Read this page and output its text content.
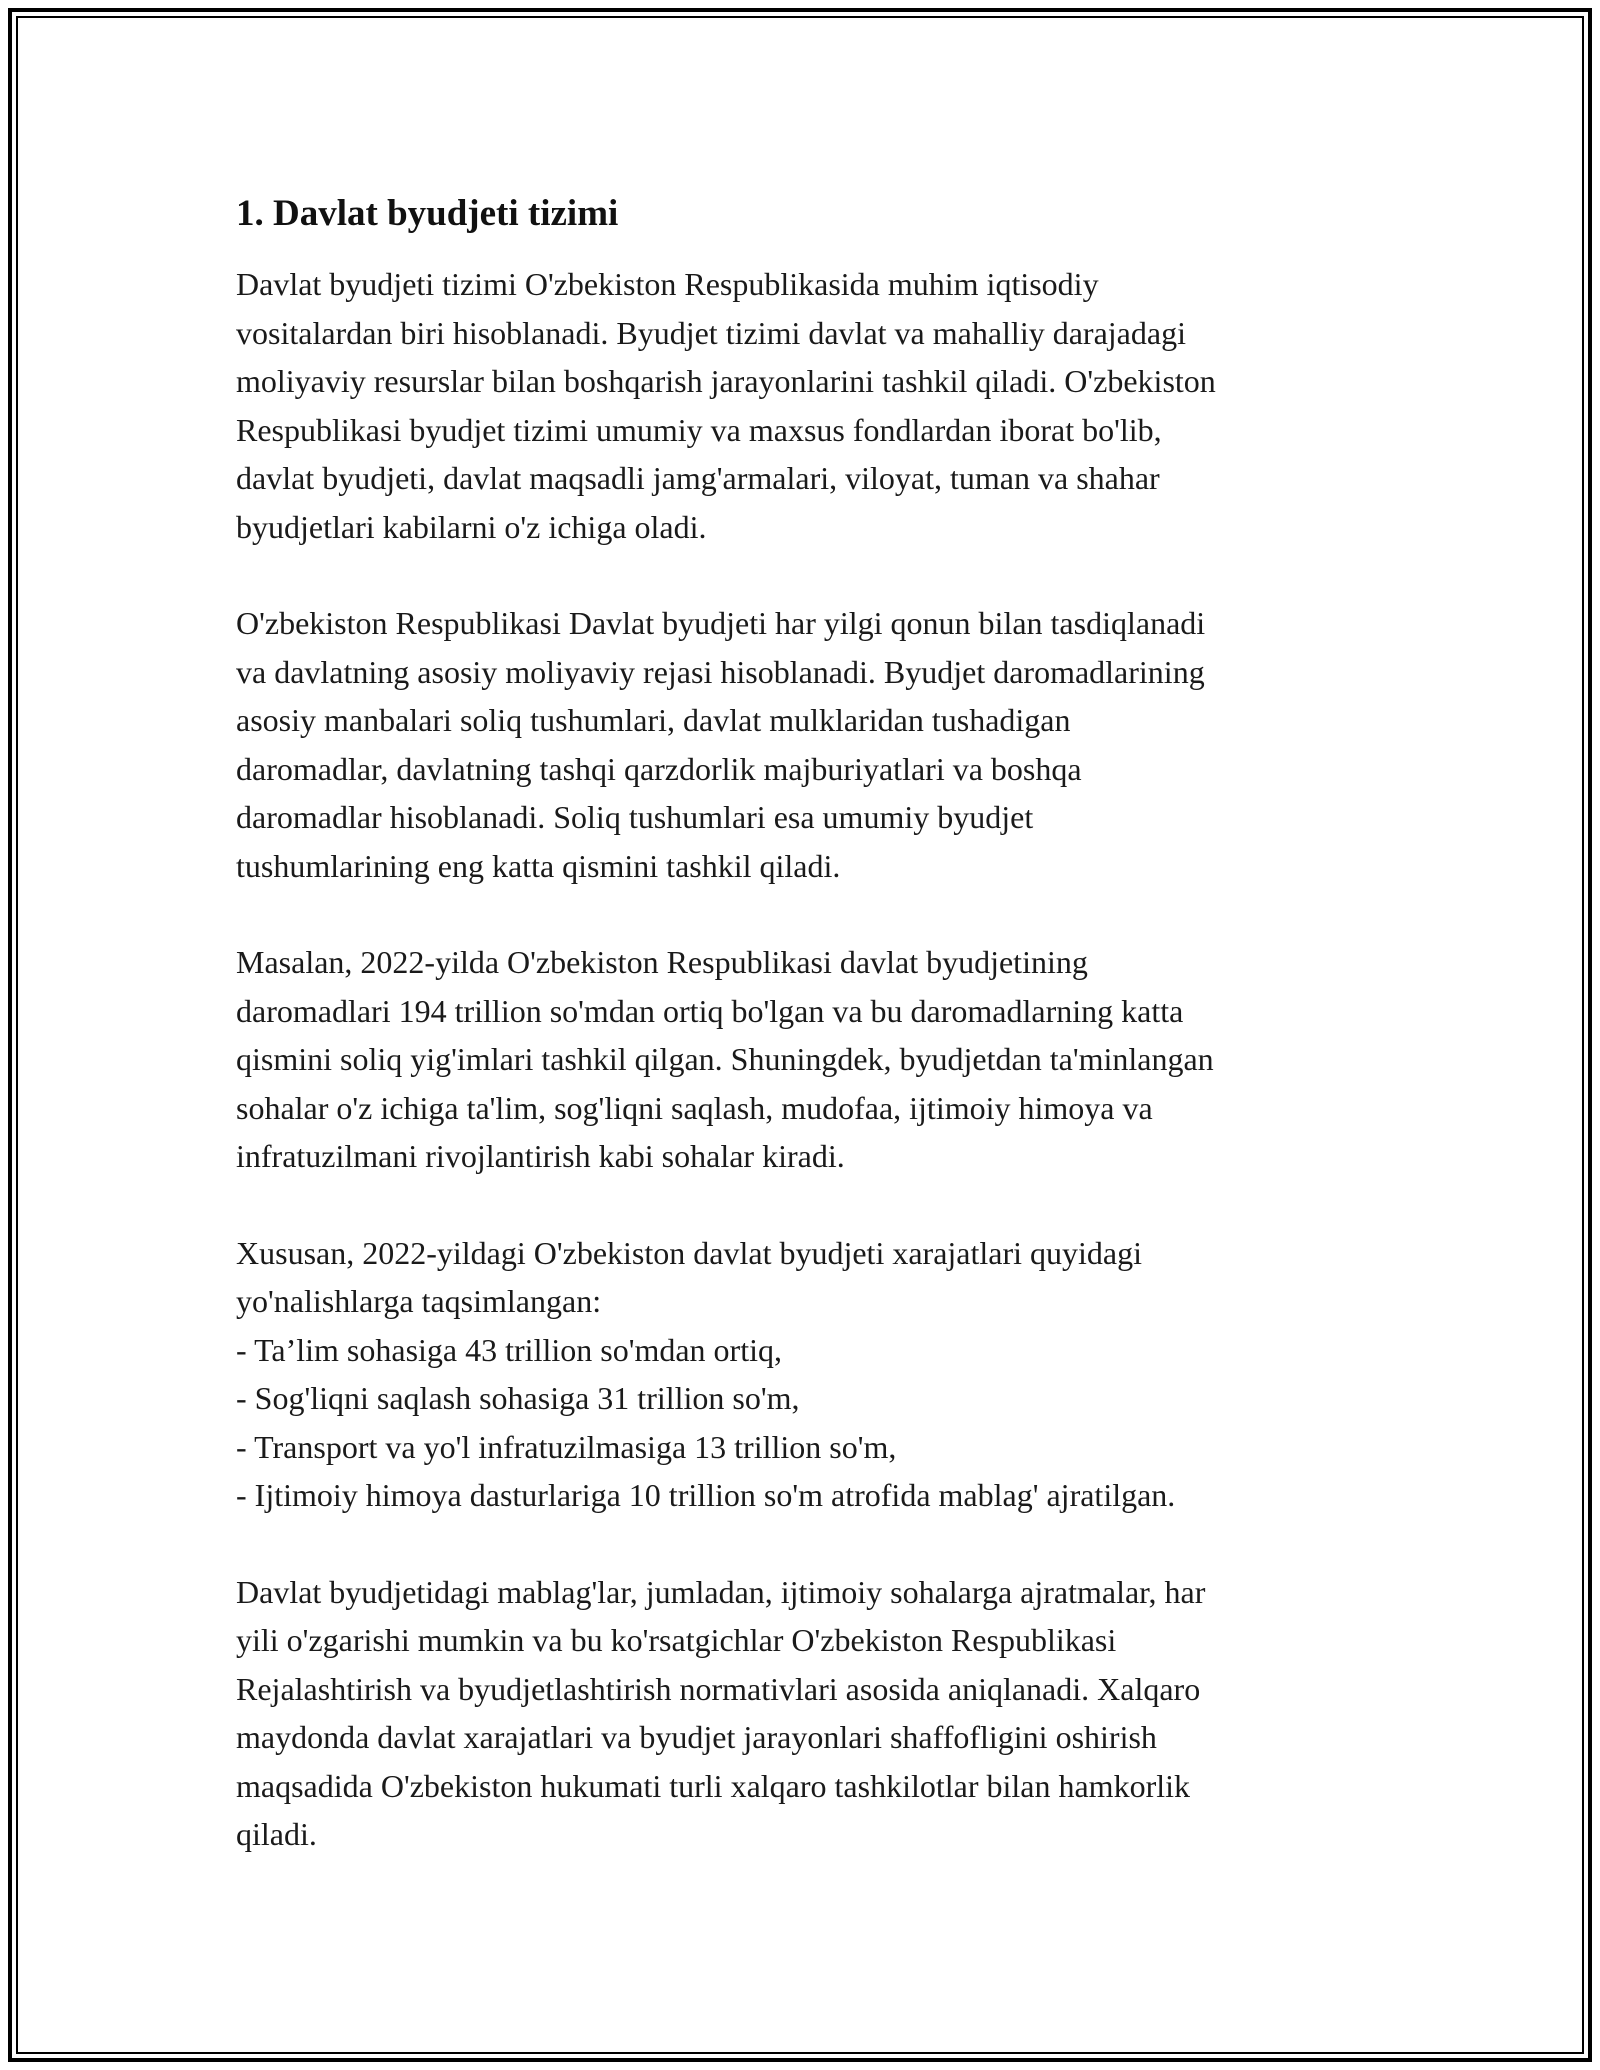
1. Davlat byudjeti tizimi

Davlat byudjeti tizimi O'zbekiston Respublikasida muhim iqtisodiy
vositalardan biri hisoblanadi. Byudjet tizimi davlat va mahalliy darajadagi
moliyaviy resurslar bilan boshqarish jarayonlarini tashkil qiladi. O'zbekiston
Respublikasi byudjet tizimi umumiy va maxsus fondlardan iborat bo'lib,
davlat byudjeti, davlat maqsadli jamg'armalari, viloyat, tuman va shahar
byudjetlari kabilarni o'z ichiga oladi.

O'zbekiston Respublikasi Davlat byudjeti har yilgi qonun bilan tasdiqlanadi
va davlatning asosiy moliyaviy rejasi hisoblanadi. Byudjet daromadlarining
asosiy manbalari soliq tushumlari, davlat mulklaridan tushadigan
daromadlar, davlatning tashqi qarzdorlik majburiyatlari va boshqa
daromadlar hisoblanadi. Soliq tushumlari esa umumiy byudjet
tushumlarining eng katta qismini tashkil qiladi.

Masalan, 2022-yilda O'zbekiston Respublikasi davlat byudjetining
daromadlari 194 trillion so'mdan ortiq bo'lgan va bu daromadlarning katta
qismini soliq yig'imlari tashkil qilgan. Shuningdek, byudjetdan ta'minlangan
sohalar o'z ichiga ta'lim, sog'liqni saqlash, mudofaa, ijtimoiy himoya va
infratuzilmani rivojlantirish kabi sohalar kiradi.

Xususan, 2022-yildagi O'zbekiston davlat byudjeti xarajatlari quyidagi
yo'nalishlarga taqsimlangan:

- Ta’lim sohasiga 43 trillion so'mdan ortiq,
- Sog'liqni saqlash sohasiga 31 trillion so'm,
- Transport va yo'l infratuzilmasiga 13 trillion so'm,
- Ijtimoiy himoya dasturlariga 10 trillion so'm atrofida mablag' ajratilgan.

Davlat byudjetidagi mablag'lar, jumladan, ijtimoiy sohalarga ajratmalar, har
yili o'zgarishi mumkin va bu ko'rsatgichlar O'zbekiston Respublikasi
Rejalashtirish va byudjetlashtirish normativlari asosida aniqlanadi. Xalqaro
maydonda davlat xarajatlari va byudjet jarayonlari shaffofligini oshirish
maqsadida O'zbekiston hukumati turli xalqaro tashkilotlar bilan hamkorlik
qiladi.
